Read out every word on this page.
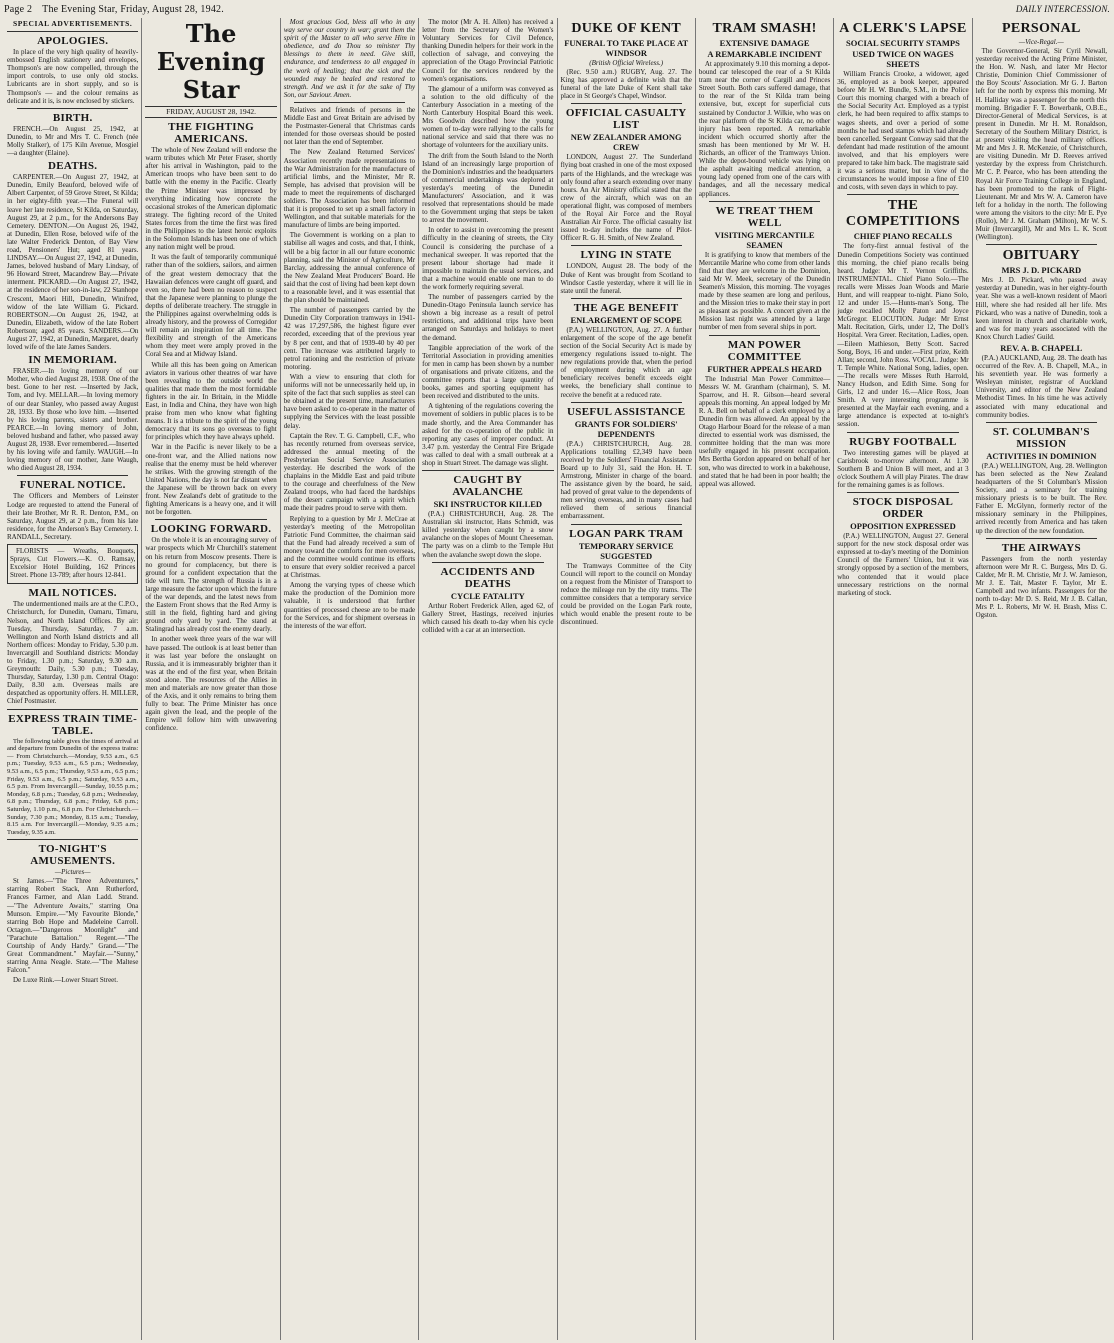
Page 2 The Evening Star, Friday, August 28, 1942.	DAILY INTERCESSION.
SPECIAL ADVERTISEMENTS.
APOLOGIES.

In place of the very high quality of heavily-embossed English stationery and envelopes, Thompson's are now compelled, through the import controls, to use only old stocks. Lubricants are in short supply, and so is Thompson's — and the colour remains as delicate and it is, is now enclosed by stickers.

BIRTH.

FRENCH.—On August 25, 1942, at Dunedin, to Mr and Mrs T. C. French (née Molly Stalker), of 175 Kiln Avenue, Mosgiel —a daughter (Elaine).

DEATHS.

CARPENTER.—On August 27, 1942, at Dunedin, Emily Beauford, beloved wife of Albert Carpenter, of 59 Grove Street, St Kilda; in her eighty-fifth year.—The Funeral will leave her late residence, St Kilda, on Saturday, August 29, at 2 p.m., for the Andersons Bay Cemetery. DENTON.—On August 26, 1942, at Dunedin, Ellen Rose, beloved wife of the late Walter Frederick Denton, of Bay View road, Pensioners' Hut; aged 81 years. LINDSAY.—On August 27, 1942, at Dunedin, James, beloved husband of Mary Lindsay, of 96 Howard Street, Macandrew Bay.—Private interment. PICKARD.—On August 27, 1942, at the residence of her son-in-law, 22 Stanhope Crescent, Maori Hill, Dunedin, Winifred, widow of the late William G. Pickard. ROBERTSON.—On August 26, 1942, at Dunedin, Elizabeth, widow of the late Robert Robertson; aged 85 years. SANDERS.—On August 27, 1942, at Dunedin, Margaret, dearly loved wife of the late James Sanders.

IN MEMORIAM.

FRASER.—In loving memory of our Mother, who died August 28, 1938. One of the best. Gone to her rest. —Inserted by Jack, Tom, and Ivy. MELLAR.—In loving memory of our dear Stanley, who passed away August 28, 1933. By those who love him. —Inserted by his loving parents, sisters and brother. PEARCE.—In loving memory of John, beloved husband and father, who passed away August 28, 1938. Ever remembered.—Inserted by his loving wife and family. WAUGH.—In loving memory of our mother, Jane Waugh, who died August 28, 1934.

FUNERAL NOTICE.

The Officers and Members of Leinster Lodge are requested to attend the Funeral of their late Brother, Mr R. R. Denton, P.M., on Saturday, August 29, at 2 p.m., from his late residence, for the Anderson's Bay Cemetery. I. RANDALL, Secretary.

FLORISTS — Wreaths, Bouquets, Sprays, Cut Flowers.—K. O. Ramsay, Excelsior Hotel Building, 162 Princes Street. Phone 13-789; after hours 12-841.

MAIL NOTICES.

The undermentioned mails are at the C.P.O., Christchurch, for Dunedin, Oamaru, Timaru, Nelson, and North Island Offices. By air: Tuesday, Thursday, Saturday, 7 a.m. Wellington and North Island districts and all Northern offices: Monday to Friday, 5.30 p.m. Invercargill and Southland districts: Monday to Friday, 1.30 p.m.; Saturday, 9.30 a.m. Greymouth: Daily, 5.30 p.m.; Tuesday, Thursday, Saturday, 1.30 p.m. Central Otago: Daily, 8.30 a.m. Overseas mails are despatched as opportunity offers. H. MILLER, Chief Postmaster.

EXPRESS TRAIN TIME-TABLE.

The following table gives the times of arrival at and departure from Dunedin of the express trains:— From Christchurch.—Monday, 9.53 a.m., 6.5 p.m.; Tuesday, 9.53 a.m., 6.5 p.m.; Wednesday, 9.53 a.m., 6.5 p.m.; Thursday, 9.53 a.m., 6.5 p.m.; Friday, 9.53 a.m., 6.5 p.m.; Saturday, 9.53 a.m., 6.5 p.m. From Invercargill.—Sunday, 10.55 p.m.; Monday, 6.8 p.m.; Tuesday, 6.8 p.m.; Wednesday, 6.8 p.m.; Thursday, 6.8 p.m.; Friday, 6.8 p.m.; Saturday, 1.10 p.m., 6.8 p.m. For Christchurch.—Sunday, 7.30 p.m.; Monday, 8.15 a.m.; Tuesday, 8.15 a.m. For Invercargill.—Monday, 9.35 a.m.; Tuesday, 9.35 a.m.

TO-NIGHT'S AMUSEMENTS.
—Pictures—

St James.—"The Three Adventurers," starring Robert Stack, Ann Rutherford, Frances Farmer, and Alan Ladd. Strand.—"The Adventure Awaits," starring Ona Munson. Empire.—"My Favourite Blonde," starring Bob Hope and Madeleine Carroll. Octagon.—"Dangerous Moonlight" and "Parachute Battalion." Regent.—"The Courtship of Andy Hardy." Grand.—"The Great Commandment." Mayfair.—"Sunny," starring Anna Neagle. State.—"The Maltese Falcon."

De Luxe Rink.—Lower Stuart Street.

The Evening Star
FRIDAY, AUGUST 28, 1942.
THE FIGHTING AMERICANS.

The whole of New Zealand will endorse the warm tributes which Mr Peter Fraser, shortly after his arrival in Washington, paid to the American troops who have been sent to do battle with the enemy in the Pacific. Clearly the Prime Minister was impressed by everything indicating how concrete the occasional strokes of the American diplomatic strategy. The fighting record of the United States forces from the time the first was fired in the Philippines to the latest heroic exploits in the Solomon Islands has been one of which any nation might well be proud.

It was the fault of temporarily communiqué rather than of the soldiers, sailors, and airmen of the great western democracy that the Hawaiian defences were caught off guard, and even so, there had been no reason to suspect that the Japanese were planning to plunge the depths of deliberate treachery. The struggle in the Philippines against overwhelming odds is already history, and the prowess of Corregidor will remain an inspiration for all time. The flexibility and strength of the Americans whom they meet were amply proved in the Coral Sea and at Midway Island.

While all this has been going on American aviators in various other theatres of war have been revealing to the outside world the qualities that made them the most formidable fighters in the air. In Britain, in the Middle East, in India and China, they have won high praise from men who know what fighting means. It is a tribute to the spirit of the young democracy that its sons go overseas to fight for principles which they have always upheld.

War in the Pacific is never likely to be a one-front war, and the Allied nations now realise that the enemy must be held wherever he strikes. With the growing strength of the United Nations, the day is not far distant when the Japanese will be thrown back on every front. New Zealand's debt of gratitude to the fighting Americans is a heavy one, and it will not be forgotten.

LOOKING FORWARD.

On the whole it is an encouraging survey of war prospects which Mr Churchill's statement on his return from Moscow presents. There is no ground for complacency, but there is ground for a confident expectation that the tide will turn. The strength of Russia is in a large measure the factor upon which the future of the war depends, and the latest news from the Eastern Front shows that the Red Army is still in the field, fighting hard and giving ground only yard by yard. The stand at Stalingrad has already cost the enemy dearly.

In another week three years of the war will have passed. The outlook is at least better than it was last year before the onslaught on Russia, and it is immeasurably brighter than it was at the end of the first year, when Britain stood alone. The resources of the Allies in men and materials are now greater than those of the Axis, and it only remains to bring them fully to bear. The Prime Minister has once again given the lead, and the people of the Empire will follow him with unwavering confidence.

Most gracious God, bless all who in any way serve our country in war; grant them the spirit of the Master to all who serve Him in obedience, and do Thou so minister Thy blessings to them in need. Give skill, endurance, and tenderness to all engaged in the work of healing; that the sick and the wounded may be healed and restored to strength. And we ask it for the sake of Thy Son, our Saviour. Amen.

Relatives and friends of persons in the Middle East and Great Britain are advised by the Postmaster-General that Christmas cards intended for those overseas should be posted not later than the end of September.

The New Zealand Returned Services' Association recently made representations to the War Administration for the manufacture of artificial limbs, and the Minister, Mr R. Semple, has advised that provision will be made to meet the requirements of discharged soldiers. The Association has been informed that it is proposed to set up a small factory in Wellington, and that suitable materials for the manufacture of limbs are being imported.

The Government is working on a plan to stabilise all wages and costs, and that, I think, will be a big factor in all our future economic planning, said the Minister of Agriculture, Mr Barclay, addressing the annual conference of the New Zealand Meat Producers' Board. He said that the cost of living had been kept down to a reasonable level, and it was essential that the plan should be maintained.

The number of passengers carried by the Dunedin City Corporation tramways in 1941-42 was 17,297,586, the highest figure ever recorded, exceeding that of the previous year by 8 per cent, and that of 1939-40 by 40 per cent. The increase was attributed largely to petrol rationing and the restriction of private motoring.

With a view to ensuring that cloth for uniforms will not be unnecessarily held up, in spite of the fact that such supplies as steel can be obtained at the present time, manufacturers have been asked to co-operate in the matter of supplying the Services with the least possible delay.

Captain the Rev. T. G. Campbell, C.F., who has recently returned from overseas service, addressed the annual meeting of the Presbyterian Social Service Association yesterday. He described the work of the chaplains in the Middle East and paid tribute to the courage and cheerfulness of the New Zealand troops, who had faced the hardships of the desert campaign with a spirit which made their padres proud to serve with them.

Replying to a question by Mr J. McCrae at yesterday's meeting of the Metropolitan Patriotic Fund Committee, the chairman said that the Fund had already received a sum of money toward the comforts for men overseas, and the committee would continue its efforts to ensure that every soldier received a parcel at Christmas.

Among the varying types of cheese which make the production of the Dominion more valuable, it is understood that further quantities of processed cheese are to be made for the Services, and for shipment overseas in the interests of the war effort.

The motor (Mr A. H. Allen) has received a letter from the Secretary of the Women's Voluntary Services for Civil Defence, thanking Dunedin helpers for their work in the collection of salvage, and conveying the appreciation of the Otago Provincial Patriotic Council for the services rendered by the women's organisations.

The glamour of a uniform was conveyed as a solution to the old difficulty of the Canterbury Association in a meeting of the North Canterbury Hospital Board this week. Mrs Goodwin described how the young women of to-day were rallying to the calls for national service and said that there was no shortage of volunteers for the auxiliary units.

The drift from the South Island to the North Island of an increasingly large proportion of the Dominion's industries and the headquarters of commercial undertakings was deplored at yesterday's meeting of the Dunedin Manufacturers' Association, and it was resolved that representations should be made to the Government urging that steps be taken to arrest the movement.

In order to assist in overcoming the present difficulty in the cleaning of streets, the City Council is considering the purchase of a mechanical sweeper. It was reported that the present labour shortage had made it impossible to maintain the usual services, and that a machine would enable one man to do the work formerly requiring several.

The number of passengers carried by the Dunedin-Otago Peninsula launch service has shown a big increase as a result of petrol restrictions, and additional trips have been arranged on Saturdays and holidays to meet the demand.

Tangible appreciation of the work of the Territorial Association in providing amenities for men in camp has been shown by a number of organisations and private citizens, and the committee reports that a large quantity of books, games and sporting equipment has been received and distributed to the units.

A tightening of the regulations covering the movement of soldiers in public places is to be made shortly, and the Area Commander has asked for the co-operation of the public in reporting any cases of improper conduct. At 3.47 p.m. yesterday the Central Fire Brigade was called to deal with a small outbreak at a shop in Stuart Street. The damage was slight.

CAUGHT BY AVALANCHE
SKI INSTRUCTOR KILLED

(P.A.) CHRISTCHURCH, Aug. 28. The Australian ski instructor, Hans Schmidt, was killed yesterday when caught by a snow avalanche on the slopes of Mount Cheeseman. The party was on a climb to the Temple Hut when the avalanche swept down the slope.

ACCIDENTS AND DEATHS
CYCLE FATALITY

Arthur Robert Frederick Allen, aged 62, of Gallery Street, Hastings, received injuries which caused his death to-day when his cycle collided with a car at an intersection.

DUKE OF KENT
FUNERAL TO TAKE PLACE AT WINDSOR
(British Official Wireless.)

(Rec. 9.50 a.m.) RUGBY, Aug. 27. The King has approved a definite wish that the funeral of the late Duke of Kent shall take place in St George's Chapel, Windsor.

OFFICIAL CASUALTY LIST
NEW ZEALANDER AMONG CREW

LONDON, August 27. The Sunderland flying boat crashed in one of the most exposed parts of the Highlands, and the wreckage was only found after a search extending over many hours. An Air Ministry official stated that the crew of the aircraft, which was on an operational flight, was composed of members of the Royal Air Force and the Royal Australian Air Force. The official casualty list issued to-day includes the name of Pilot-Officer R. G. H. Smith, of New Zealand.

LYING IN STATE

LONDON, August 28. The body of the Duke of Kent was brought from Scotland to Windsor Castle yesterday, where it will lie in state until the funeral.

THE AGE BENEFIT
ENLARGEMENT OF SCOPE

(P.A.) WELLINGTON, Aug. 27. A further enlargement of the scope of the age benefit section of the Social Security Act is made by emergency regulations issued to-night. The new regulations provide that, when the period of employment during which an age beneficiary receives benefit exceeds eight weeks, the beneficiary shall continue to receive the benefit at a reduced rate.

USEFUL ASSISTANCE
GRANTS FOR SOLDIERS' DEPENDENTS

(P.A.) CHRISTCHURCH, Aug. 28. Applications totalling £2,349 have been received by the Soldiers' Financial Assistance Board up to July 31, said the Hon. H. T. Armstrong, Minister in charge of the board. The assistance given by the board, he said, had proved of great value to the dependents of men serving overseas, and in many cases had relieved them of serious financial embarrassment.

LOGAN PARK TRAM
TEMPORARY SERVICE SUGGESTED

The Tramways Committee of the City Council will report to the council on Monday on a request from the Minister of Transport to reduce the mileage run by the city trams. The committee considers that a temporary service could be provided on the Logan Park route, which would enable the present route to be discontinued.

TRAM SMASH!
EXTENSIVE DAMAGE
A REMARKABLE INCIDENT

At approximately 9.10 this morning a depot-bound car telescoped the rear of a St Kilda tram near the corner of Cargill and Princes Street South. Both cars suffered damage, that to the rear of the St Kilda tram being extensive, but, except for superficial cuts sustained by Conductor J. Wilkie, who was on the rear platform of the St Kilda car, no other injury has been reported. A remarkable incident which occurred shortly after the smash has been mentioned by Mr W. H. Richards, an officer of the Tramways Union. While the depot-bound vehicle was lying on the asphalt awaiting medical attention, a young lady opened from one of the cars with bandages, and all the necessary medical appliances.

WE TREAT THEM WELL
VISITING MERCANTILE SEAMEN

It is gratifying to know that members of the Mercantile Marine who come from other lands find that they are welcome in the Dominion, said Mr W. Meek, secretary of the Dunedin Seamen's Mission, this morning. The voyages made by these seamen are long and perilous, and the Mission tries to make their stay in port as pleasant as possible. A concert given at the Mission last night was attended by a large number of men from several ships in port.

MAN POWER COMMITTEE
FURTHER APPEALS HEARD

The Industrial Man Power Committee—Messrs W. M. Grantham (chairman), S. M. Sparrow, and H. R. Gibson—heard several appeals this morning. An appeal lodged by Mr R. A. Bell on behalf of a clerk employed by a Dunedin firm was allowed. An appeal by the Otago Harbour Board for the release of a man directed to essential work was dismissed, the committee holding that the man was more usefully engaged in his present occupation. Mrs Bertha Gordon appeared on behalf of her son, who was directed to work in a bakehouse, and stated that he had been in poor health; the appeal was allowed.

A CLERK'S LAPSE
SOCIAL SECURITY STAMPS
USED TWICE ON WAGES SHEETS

William Francis Crooke, a widower, aged 36, employed as a book keeper, appeared before Mr H. W. Bundle, S.M., in the Police Court this morning charged with a breach of the Social Security Act. Employed as a typist clerk, he had been required to affix stamps to wages sheets, and over a period of some months he had used stamps which had already been cancelled. Sergeant Conway said that the defendant had made restitution of the amount involved, and that his employers were prepared to take him back. The magistrate said it was a serious matter, but in view of the circumstances he would impose a fine of £10 and costs, with seven days in which to pay.

THE COMPETITIONS
CHIEF PIANO RECALLS

The forty-first annual festival of the Dunedin Competitions Society was continued this morning, the chief piano recalls being heard. Judge: Mr T. Vernon Griffiths. INSTRUMENTAL. Chief Piano Solo.—The recalls were Misses Joan Woods and Marie Hunt, and will reappear to-night. Piano Solo, 12 and under 15.—Hunts-man's Song, The judge recalled Molly Paton and Joyce McGregor. ELOCUTION. Judge: Mr Ernst Malt. Recitation, Girls, under 12, The Doll's Hospital. Vera Greer. Recitation, Ladies, open.—Eileen Mathieson, Betty Scott. Sacred Song, Boys, 16 and under.—First prize, Keith Allan; second, John Ross. VOCAL. Judge: Mr T. Temple White. National Song, ladies, open.—The recalls were Misses Ruth Harrold, Nancy Hudson, and Edith Sime. Song for Girls, 12 and under 16.—Alice Ross, Joan Smith. A very interesting programme is presented at the Mayfair each evening, and a large attendance is expected at to-night's session.

RUGBY FOOTBALL

Two interesting games will be played at Carisbrook to-morrow afternoon. At 1.30 Southern B and Union B will meet, and at 3 o'clock Southern A will play Pirates. The draw for the remaining games is as follows.

STOCK DISPOSAL ORDER
OPPOSITION EXPRESSED

(P.A.) WELLINGTON, August 27. General support for the new stock disposal order was expressed at to-day's meeting of the Dominion Council of the Farmers' Union, but it was strongly opposed by a section of the members, who contended that it would place unnecessary restrictions on the normal marketing of stock.

PERSONAL
—Vice-Regal.—

The Governor-General, Sir Cyril Newall, yesterday received the Acting Prime Minister, the Hon. W. Nash, and later Mr Hector Christie, Dominion Chief Commissioner of the Boy Scouts' Association. Mr G. J. Barton left for the north by express this morning. Mr H. Halliday was a passenger for the north this morning. Brigadier F. T. Bowerbank, O.B.E., Director-General of Medical Services, is at present in Dunedin. Mr H. M. Ronaldson, Secretary of the Southern Military District, is at present visiting the head military offices. Mr and Mrs J. R. McKenzie, of Christchurch, are visiting Dunedin. Mr D. Reeves arrived yesterday by the express from Christchurch. Mr C. P. Pearce, who has been attending the Royal Air Force Training College in England, has been promoted to the rank of Flight-Lieutenant. Mr and Mrs W. A. Cameron have left for a holiday in the north. The following were among the visitors to the city: Mr E. Pye (Rollo), Mr J. M. Graham (Milton), Mr W. S. Muir (Invercargill), Mr and Mrs L. K. Scott (Wellington).

OBITUARY
MRS J. D. PICKARD

Mrs J. D. Pickard, who passed away yesterday at Dunedin, was in her eighty-fourth year. She was a well-known resident of Maori Hill, where she had resided all her life. Mrs Pickard, who was a native of Dunedin, took a keen interest in church and charitable work, and was for many years associated with the Knox Church Ladies' Guild.

REV. A. B. CHAPELL

(P.A.) AUCKLAND, Aug. 28. The death has occurred of the Rev. A. B. Chapell, M.A., in his seventieth year. He was formerly a Wesleyan minister, registrar of Auckland University, and editor of the New Zealand Methodist Times. In his time he was actively associated with many educational and community bodies.

ST. COLUMBAN'S MISSION
ACTIVITIES IN DOMINION

(P.A.) WELLINGTON, Aug. 28. Wellington has been selected as the New Zealand headquarters of the St Columban's Mission Society, and a seminary for training missionary priests is to be built. The Rev. Father E. McGlynn, formerly rector of the missionary seminary in the Philippines, arrived recently from America and has taken up the direction of the new foundation.

THE AIRWAYS

Passengers from the north yesterday afternoon were Mr R. C. Burgess, Mrs D. G. Calder, Mr R. M. Christie, Mr J. W. Jamieson, Mr J. E. Tait, Master F. Taylor, Mr E. Campbell and two infants. Passengers for the north to-day: Mr D. S. Reid, Mr J. B. Callan, Mrs P. L. Roberts, Mr W. H. Brash, Miss C. Ogston.
